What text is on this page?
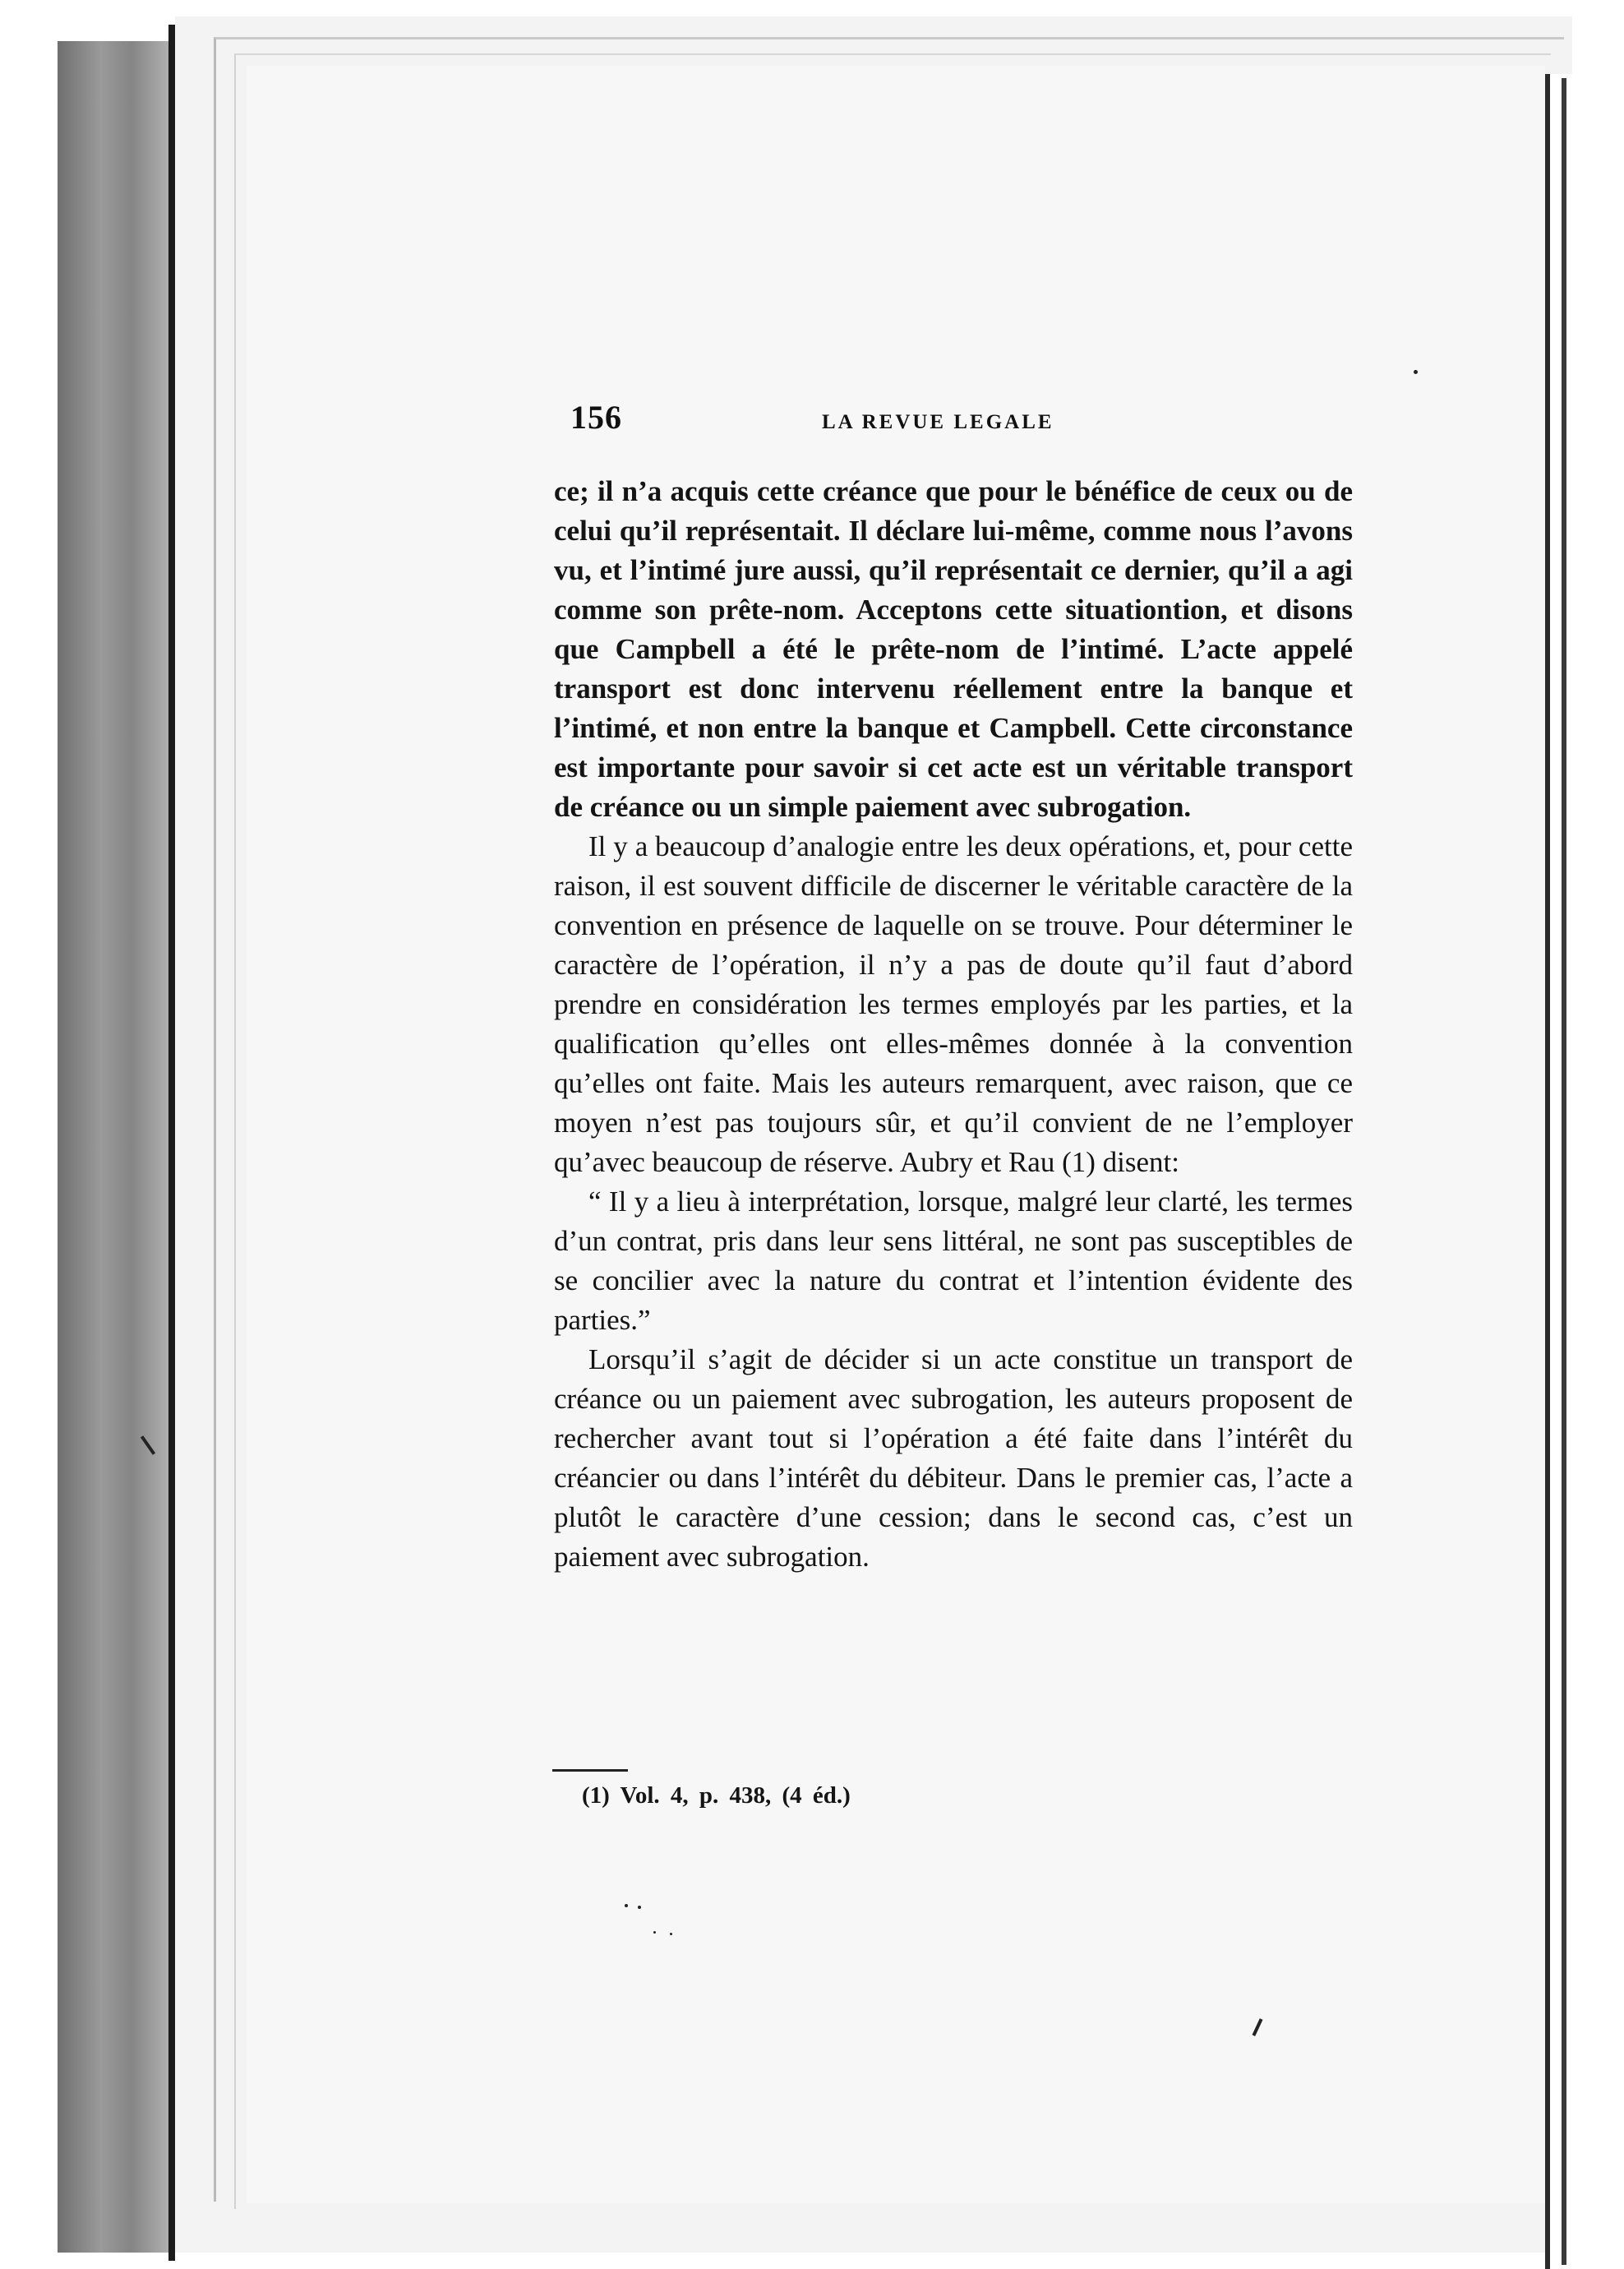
156	LA REVUE LEGALE

ce; il n’a acquis cette créance que pour le bénéfice de ceux ou de celui qu’il représentait. Il déclare lui-même, comme nous l’avons vu, et l’intimé jure aussi, qu’il représentait ce dernier, qu’il a agi comme son prête-nom. Acceptons cette situationtion, et disons que Campbell a été le prête-nom de l’intimé. L’acte appelé transport est donc intervenu réellement entre la banque et l’intimé, et non entre la banque et Campbell. Cette circonstance est importante pour savoir si cet acte est un véritable transport de créance ou un simple paiement avec subrogation.

Il y a beaucoup d’analogie entre les deux opérations, et, pour cette raison, il est souvent difficile de discerner le véritable caractère de la convention en présence de laquelle on se trouve. Pour déterminer le caractère de l’opération, il n’y a pas de doute qu’il faut d’abord prendre en considération les termes employés par les parties, et la qualification qu’elles ont elles-mêmes donnée à la convention qu’elles ont faite. Mais les auteurs remarquent, avec raison, que ce moyen n’est pas toujours sûr, et qu’il convient de ne l’employer qu’avec beaucoup de réserve. Aubry et Rau (1) disent:

“ Il y a lieu à interprétation, lorsque, malgré leur clarté, les termes d’un contrat, pris dans leur sens littéral, ne sont pas susceptibles de se concilier avec la nature du contrat et l’intention évidente des parties.”

Lorsqu’il s’agit de décider si un acte constitue un transport de créance ou un paiement avec subrogation, les auteurs proposent de rechercher avant tout si l’opération a été faite dans l’intérêt du créancier ou dans l’intérêt du débiteur. Dans le premier cas, l’acte a plutôt le caractère d’une cession; dans le second cas, c’est un paiement avec subrogation.

(1) Vol. 4, p. 438, (4 éd.)
